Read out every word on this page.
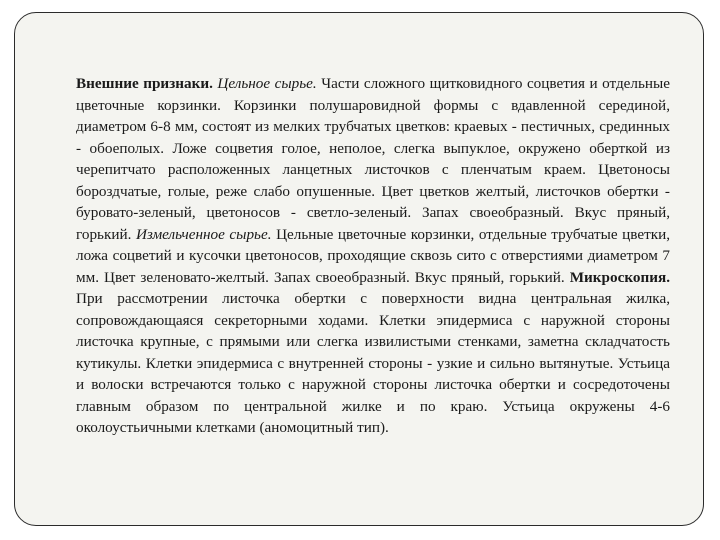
Внешние признаки. Цельное сырье. Части сложного щитковидного соцветия и отдельные цветочные корзинки. Корзинки полушаровидной формы с вдавленной серединой, диаметром 6-8 мм, состоят из мелких трубчатых цветков: краевых - пестичных, срединных - обоеполых. Ложе соцветия голое, неполое, слегка выпуклое, окружено оберткой из черепитчато расположенных ланцетных листочков с пленчатым краем. Цветоносы бороздчатые, голые, реже слабо опушенные. Цвет цветков желтый, листочков обертки - буровато-зеленый, цветоносов - светло-зеленый. Запах своеобразный. Вкус пряный, горький. Измельченное сырье. Цельные цветочные корзинки, отдельные трубчатые цветки, ложа соцветий и кусочки цветоносов, проходящие сквозь сито с отверстиями диаметром 7 мм. Цвет зеленовато-желтый. Запах своеобразный. Вкус пряный, горький. Микроскопия. При рассмотрении листочка обертки с поверхности видна центральная жилка, сопровождающаяся секреторными ходами. Клетки эпидермиса с наружной стороны листочка крупные, с прямыми или слегка извилистыми стенками, заметна складчатость кутикулы. Клетки эпидермиса с внутренней стороны - узкие и сильно вытянутые. Устьица и волоски встречаются только с наружной стороны листочка обертки и сосредоточены главным образом по центральной жилке и по краю. Устьица окружены 4-6 околоустьичными клетками (аномоцитный тип).
